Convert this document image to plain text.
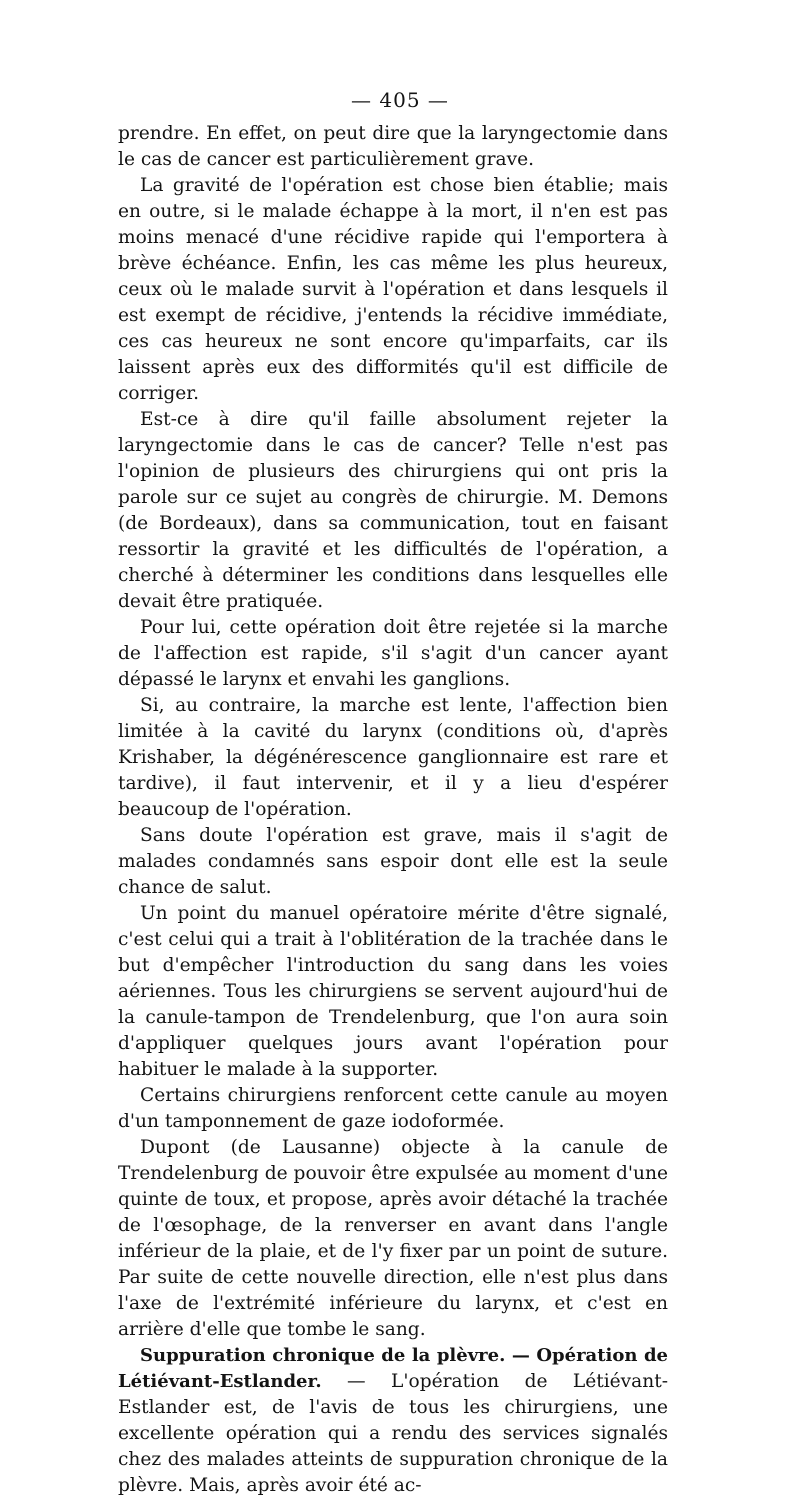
— 405 —

prendre. En effet, on peut dire que la laryngectomie dans le cas de cancer est particulièrement grave.

La gravité de l'opération est chose bien établie; mais en outre, si le malade échappe à la mort, il n'en est pas moins menacé d'une récidive rapide qui l'emportera à brève échéance. Enfin, les cas même les plus heureux, ceux où le malade survit à l'opération et dans lesquels il est exempt de récidive, j'entends la récidive immédiate, ces cas heureux ne sont encore qu'imparfaits, car ils laissent après eux des difformités qu'il est difficile de corriger.

Est-ce à dire qu'il faille absolument rejeter la laryngectomie dans le cas de cancer? Telle n'est pas l'opinion de plusieurs des chirurgiens qui ont pris la parole sur ce sujet au congrès de chirurgie. M. Demons (de Bordeaux), dans sa communication, tout en faisant ressortir la gravité et les difficultés de l'opération, a cherché à déterminer les conditions dans lesquelles elle devait être pratiquée.

Pour lui, cette opération doit être rejetée si la marche de l'affection est rapide, s'il s'agit d'un cancer ayant dépassé le larynx et envahi les ganglions.

Si, au contraire, la marche est lente, l'affection bien limitée à la cavité du larynx (conditions où, d'après Krishaber, la dégénérescence ganglionnaire est rare et tardive), il faut intervenir, et il y a lieu d'espérer beaucoup de l'opération.

Sans doute l'opération est grave, mais il s'agit de malades condamnés sans espoir dont elle est la seule chance de salut.

Un point du manuel opératoire mérite d'être signalé, c'est celui qui a trait à l'oblitération de la trachée dans le but d'empêcher l'introduction du sang dans les voies aériennes. Tous les chirurgiens se servent aujourd'hui de la canule-tampon de Trendelenburg, que l'on aura soin d'appliquer quelques jours avant l'opération pour habituer le malade à la supporter.

Certains chirurgiens renforcent cette canule au moyen d'un tamponnement de gaze iodoformée.

Dupont (de Lausanne) objecte à la canule de Trendelenburg de pouvoir être expulsée au moment d'une quinte de toux, et propose, après avoir détaché la trachée de l'œsophage, de la renverser en avant dans l'angle inférieur de la plaie, et de l'y fixer par un point de suture. Par suite de cette nouvelle direction, elle n'est plus dans l'axe de l'extrémité inférieure du larynx, et c'est en arrière d'elle que tombe le sang.

Suppuration chronique de la plèvre. — Opération de Létiévant-Estlander. — L'opération de Létiévant-Estlander est, de l'avis de tous les chirurgiens, une excellente opération qui a rendu des services signalés chez des malades atteints de suppuration chronique de la plèvre. Mais, après avoir été ac-
